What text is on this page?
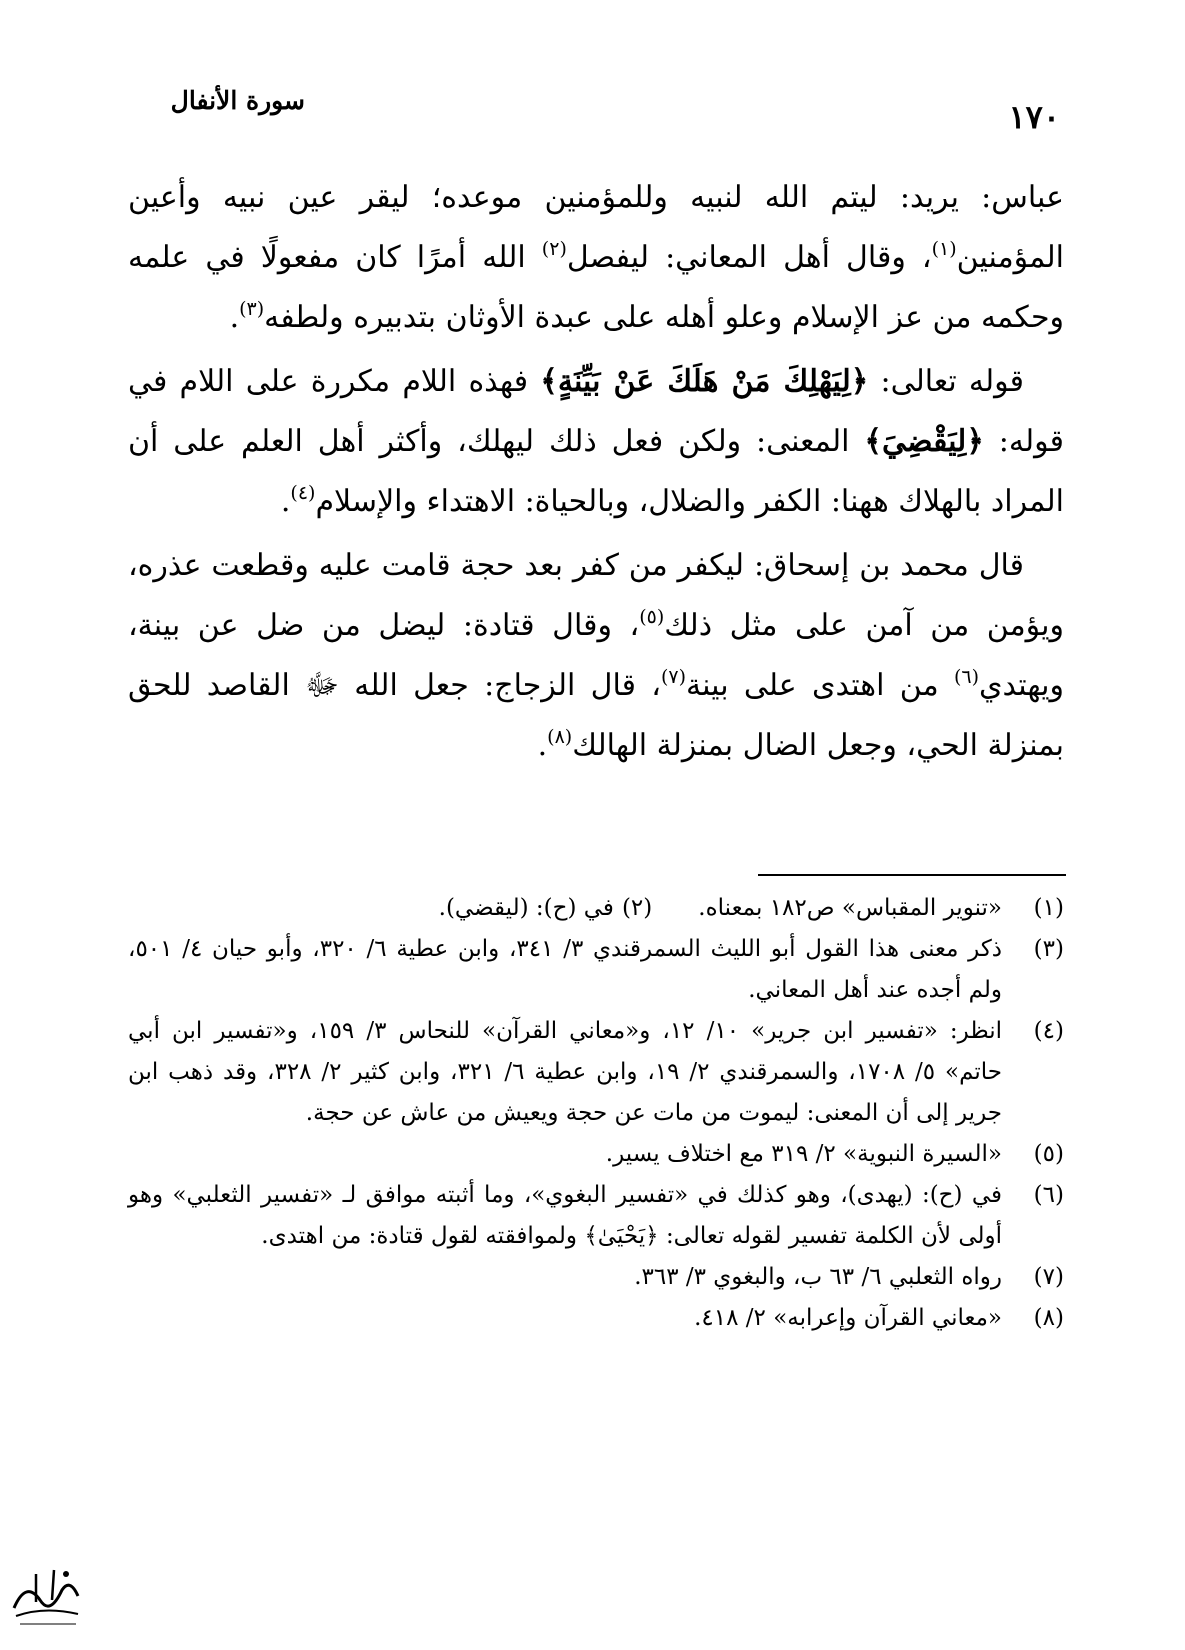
سورة الأنفال	١٧٠

عباس: يريد: ليتم الله لنبيه وللمؤمنين موعده؛ ليقر عين نبيه وأعين المؤمنين$^{(١)}$، وقال أهل المعاني: ليفصل$^{(٢)}$ الله أمرًا كان مفعولًا في علمه وحكمه من عز الإسلام وعلو أهله على عبدة الأوثان بتدبيره ولطفه$^{(٣)}$.

قوله تعالى: ﴿لِيَهْلِكَ مَنْ هَلَكَ عَنْ بَيِّنَةٍ﴾ فهذه اللام مكررة على اللام في قوله: ﴿لِيَقْضِيَ﴾ المعنى: ولكن فعل ذلك ليهلك، وأكثر أهل العلم على أن المراد بالهلاك ههنا: الكفر والضلال، وبالحياة: الاهتداء والإسلام$^{(٤)}$.

قال محمد بن إسحاق: ليكفر من كفر بعد حجة قامت عليه وقطعت عذره، ويؤمن من آمن على مثل ذلك$^{(٥)}$، وقال قتادة: ليضل من ضل عن بينة، ويهتدي$^{(٦)}$ من اهتدى على بينة$^{(٧)}$، قال الزجاج: جعل الله ﷻ القاصد للحق بمنزلة الحي، وجعل الضال بمنزلة الهالك$^{(٨)}$.

(١)
«تنوير المقباس» ص١٨٢ بمعناه.(٢)في (ح): (ليقضي).
(٣)
ذكر معنى هذا القول أبو الليث السمرقندي ٣/ ٣٤١، وابن عطية ٦/ ٣٢٠، وأبو حيان ٤/ ٥٠١، ولم أجده عند أهل المعاني.
(٤)
انظر: «تفسير ابن جرير» ١٠/ ١٢، و«معاني القرآن» للنحاس ٣/ ١٥٩، و«تفسير ابن أبي حاتم» ٥/ ١٧٠٨، والسمرقندي ٢/ ١٩، وابن عطية ٦/ ٣٢١، وابن كثير ٢/ ٣٢٨، وقد ذهب ابن جرير إلى أن المعنى: ليموت من مات عن حجة ويعيش من عاش عن حجة.
(٥)
«السيرة النبوية» ٢/ ٣١٩ مع اختلاف يسير.
(٦)
في (ح): (يهدى)، وهو كذلك في «تفسير البغوي»، وما أثبته موافق لـ «تفسير الثعلبي» وهو أولى لأن الكلمة تفسير لقوله تعالى: ﴿يَحْيَىٰ﴾ ولموافقته لقول قتادة: من اهتدى.
(٧)
رواه الثعلبي ٦/ ٦٣ ب، والبغوي ٣/ ٣٦٣.
(٨)
«معاني القرآن وإعرابه» ٢/ ٤١٨.
